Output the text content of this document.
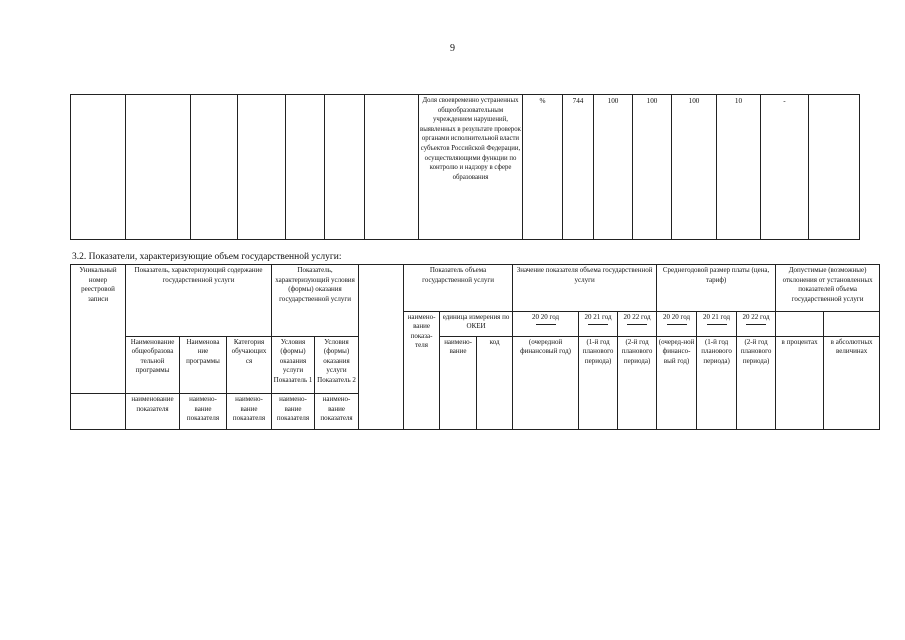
9
							Доля своевременно устраненных общеобразовательным учреждением нарушений, выявленных в результате проверок органами исполнительной власти субъектов Российской Федерации, осуществляющими функции по контролю и надзору в сфере образования	%	744	100	100	100	10	-	
3.2. Показатели, характеризующие объем государственной услуги:
Уникальный номер реестровой записи	Показатель, характеризующий содержание государственной услуги			Показатель, характеризующий условия (формы) оказания государственной услуги			Показатель объема государственной услуги			Значение показателя объема государственной услуги			Среднегодовой размер платы (цена, тариф)			Допустимые (возможные) отклонения от установленных показателей объема государственной услуги	
							наимено-вание показа-теля	единица измерения по ОКЕИ		20 20 год	20 21 год	20 22 год	20 20 год	20 21 год	20 22 год

	Наименование общеобразова тельной программы	Наименова ние программы	Категория обучающих ся	Условия (формы) оказания услуги Показатель 1	Условия (формы) оказания услуги Показатель 2			наимено-вание	код	(очередной финансовый год)	(1-й год планового периода)	(2-й год планового периода)	(очеред-ной финансо-вый год)	(1-й год планового периода)	(2-й год планового периода)	в процентах	в абсолютных величинах

	наименование показателя	наимено-вание показателя	наимено-вание показателя	наимено-вание показателя	наимено-вание показателя												
